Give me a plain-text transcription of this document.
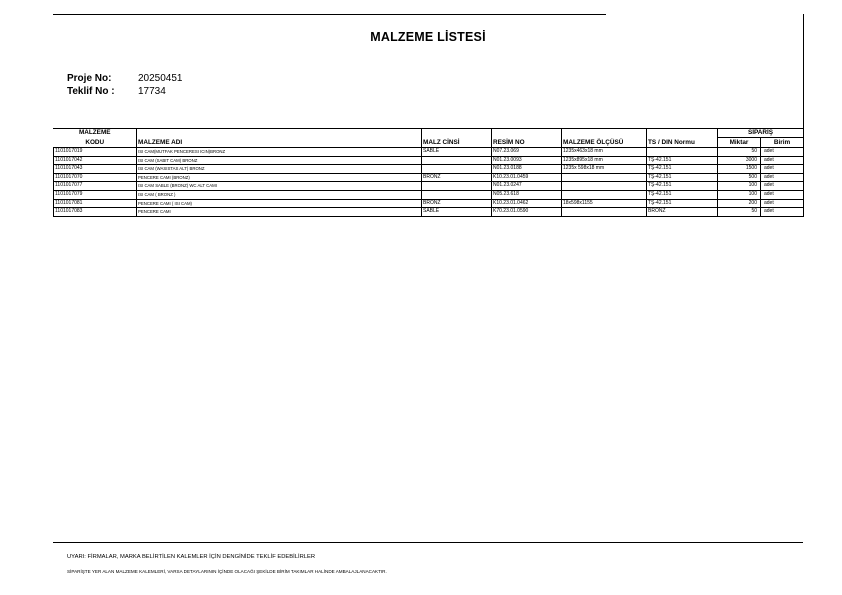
MALZEME LİSTESİ
Proje No:	20250451
Teklif No : 17734
MALZEME						SİPARİŞ	
KODU	MALZEME ADI	MALZ CİNSİ	RESİM NO	MALZEME ÖLÇÜSÜ	TS / DIN Normu	Miktar	Birim
1101017019	ISI CAM(MUTFAK PENCERESI ICIN)BRONZ	SABLE	N07.23.069	1235x463x18 mm		50	adet
1101017042	ISI CAM (SABIT CAM) BRONZ		N01.23.0093	1235x895x18 mm	TŞ-42.151	3000	adet
1101017043	ISI CAM (WASISTAS ALT) BRONZ		N01.23.0188	1235x 598x18 mm	TŞ-42.151	1500	adet
1101017070	PENCERE CAMI (BRONZ)	BRONZ	K10.23.01.0459		TŞ-42.151	500	adet
1101017077	ISI CAM SABLE (BRONZ) WC ALT CAMI		N01.23.0247		TŞ-42.151	100	adet
1101017079	ISI CAM ( BRONZ )		N05.23.618		TŞ-42.151	100	adet
1101017081	PENCERE CAMI ( ISI CAM)	BRONZ	K10.23.01.0462	18x598x1155	TŞ-42.151	200	adet
1101017083	PENCERE CAMI	SABLE	K70.23.01.0590		BRONZ	50	adet
UYARI: FİRMALAR, MARKA BELİRTİLEN KALEMLER İÇİN DENGİNİDE TEKLİF EDEBİLİRLER
SİPARİŞTE YER ALAN MALZEME KALEMLERİ, VARSA DETAYLARININ İÇİNDE OLACAĞI ŞEKİLDE BİRİM TAKIMLAR HALİNDE AMBALAJLANACAKTIR.
